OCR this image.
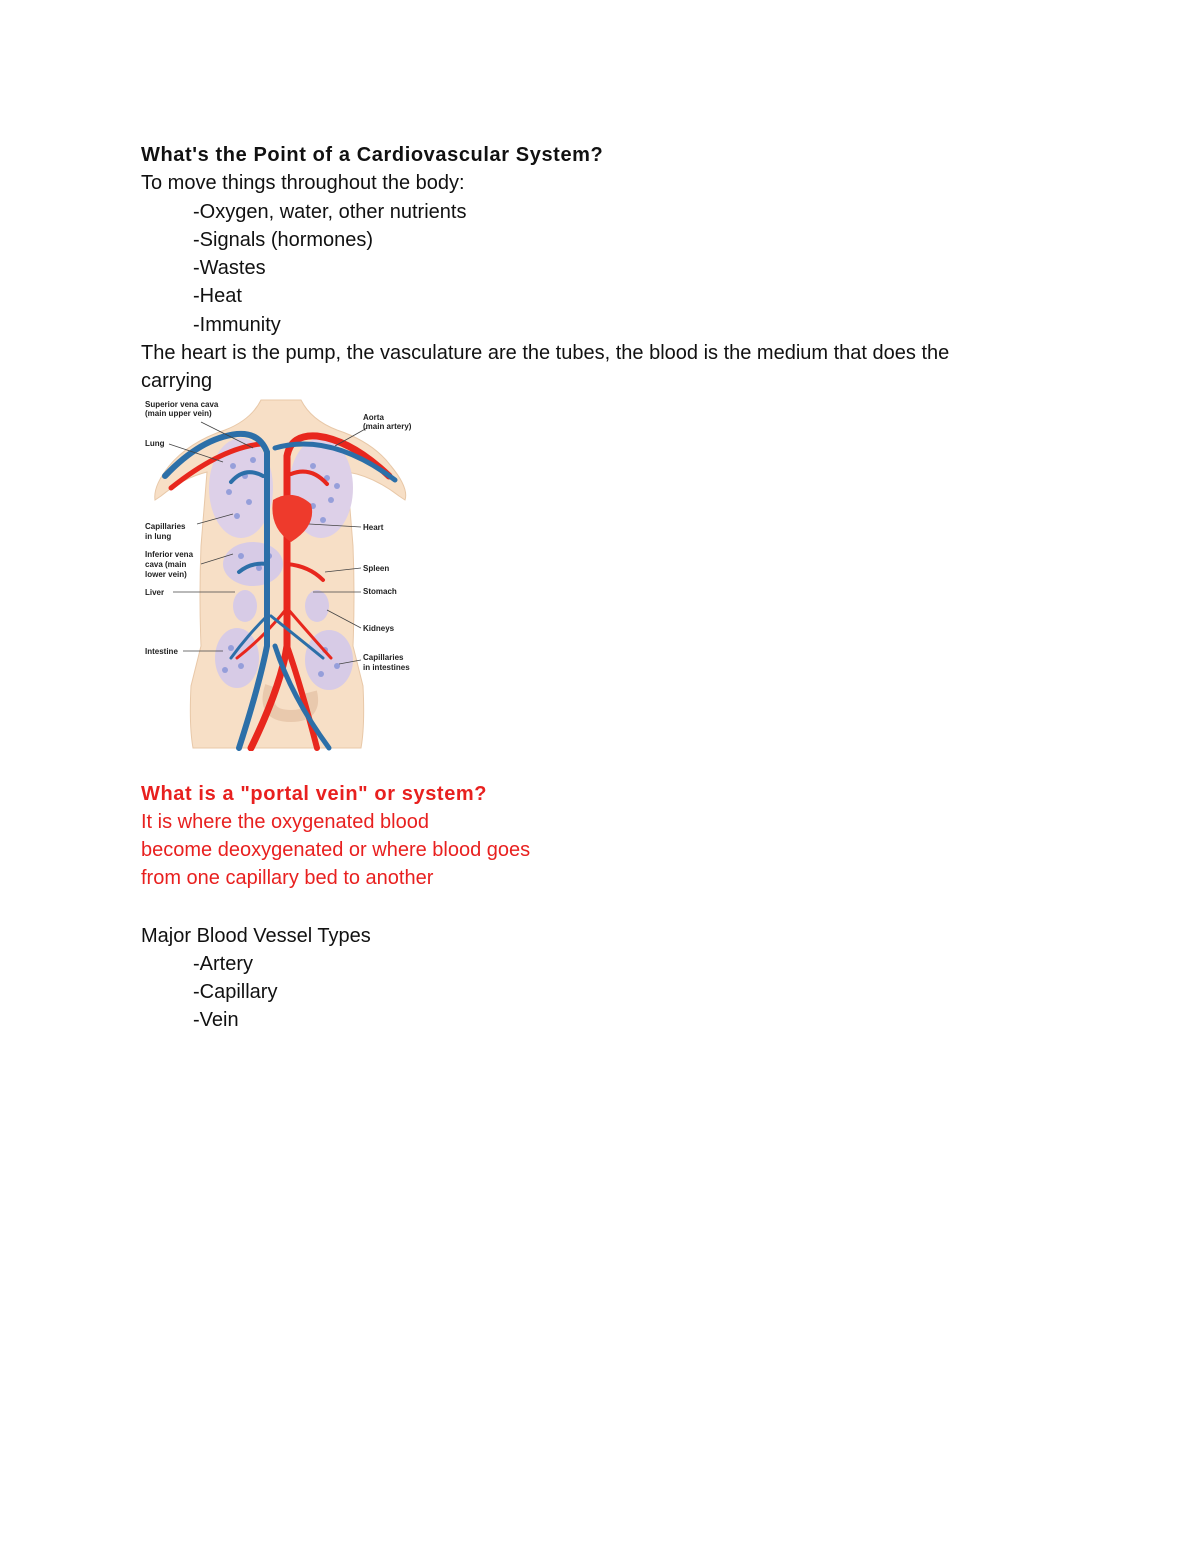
What's the Point of a Cardiovascular System?
To move things throughout the body:
-Oxygen, water, other nutrients
-Signals (hormones)
-Wastes
-Heat
-Immunity
The heart is the pump, the vasculature are the tubes, the blood is the medium that does the
carrying
Superior vena cava
(main upper vein)	Aorta
(main artery)
Lung
Capillaries
in lung
Inferior vena
cava (main
lower vein)
Liver
Intestine
Heart
Spleen
Stomach
Kidneys
Capillaries
in intestines
What is a "portal vein" or system?
It is where the oxygenated blood
become deoxygenated or where blood goes
from one capillary bed to another
Major Blood Vessel Types
-Artery
-Capillary
-Vein
